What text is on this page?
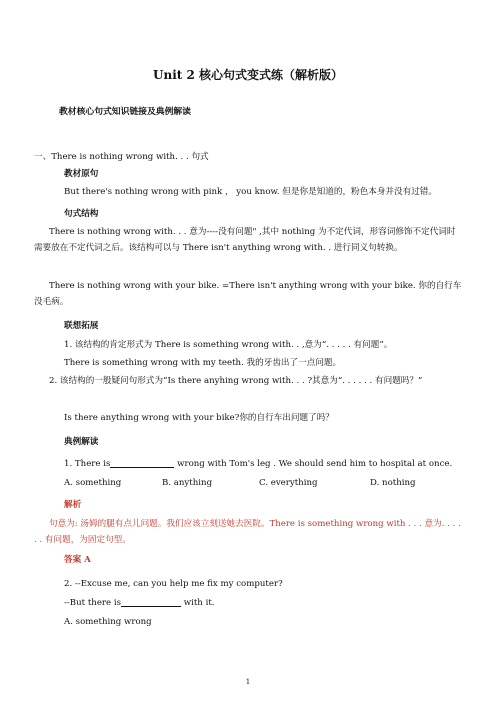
Unit 2 核心句式变式练（解析版）
教材核心句式知识链接及典例解读
一、There is nothing wrong with. . . 句式
教材原句
But there's nothing wrong with pink ， you know. 但是你是知道的，粉色本身并没有过错。
句式结构
There is nothing wrong with. . . 意为----没有问题" ,其中 nothing 为不定代词，形容词修饰不定代词时需要放在不定代词之后。该结构可以与 There isn't anything wrong with. . 进行同义句转换。
There is nothing wrong with your bike. =There isn't anything wrong with your bike. 你的自行车没毛病。
联想拓展
1. 该结构的肯定形式为 There is something wrong with. . ,意为“. . . . . 有问题”。
There is something wrong with my teeth. 我的牙齿出了一点问题。
2. 该结构的一般疑问句形式为“Is there anyhing wrong with. . . ?其意为“. . . . . . 有问题吗？”
Is there anything wrong with your bike?你的自行车出问题了吗？
典例解读
1. There is	wrong with Tom's leg . We should send him to hospital at once.
A. something	B. anything	C. everything	D. nothing
解析
句意为: 汤姆的腿有点儿问题。我们应该立刻送她去医院。There is something wrong with . . . 意为. . . . . . 有问题，为固定句型。
答案 A
2. --Excuse me, can you help me fix my computer?
--But there is	with it.
A. something wrong
1
